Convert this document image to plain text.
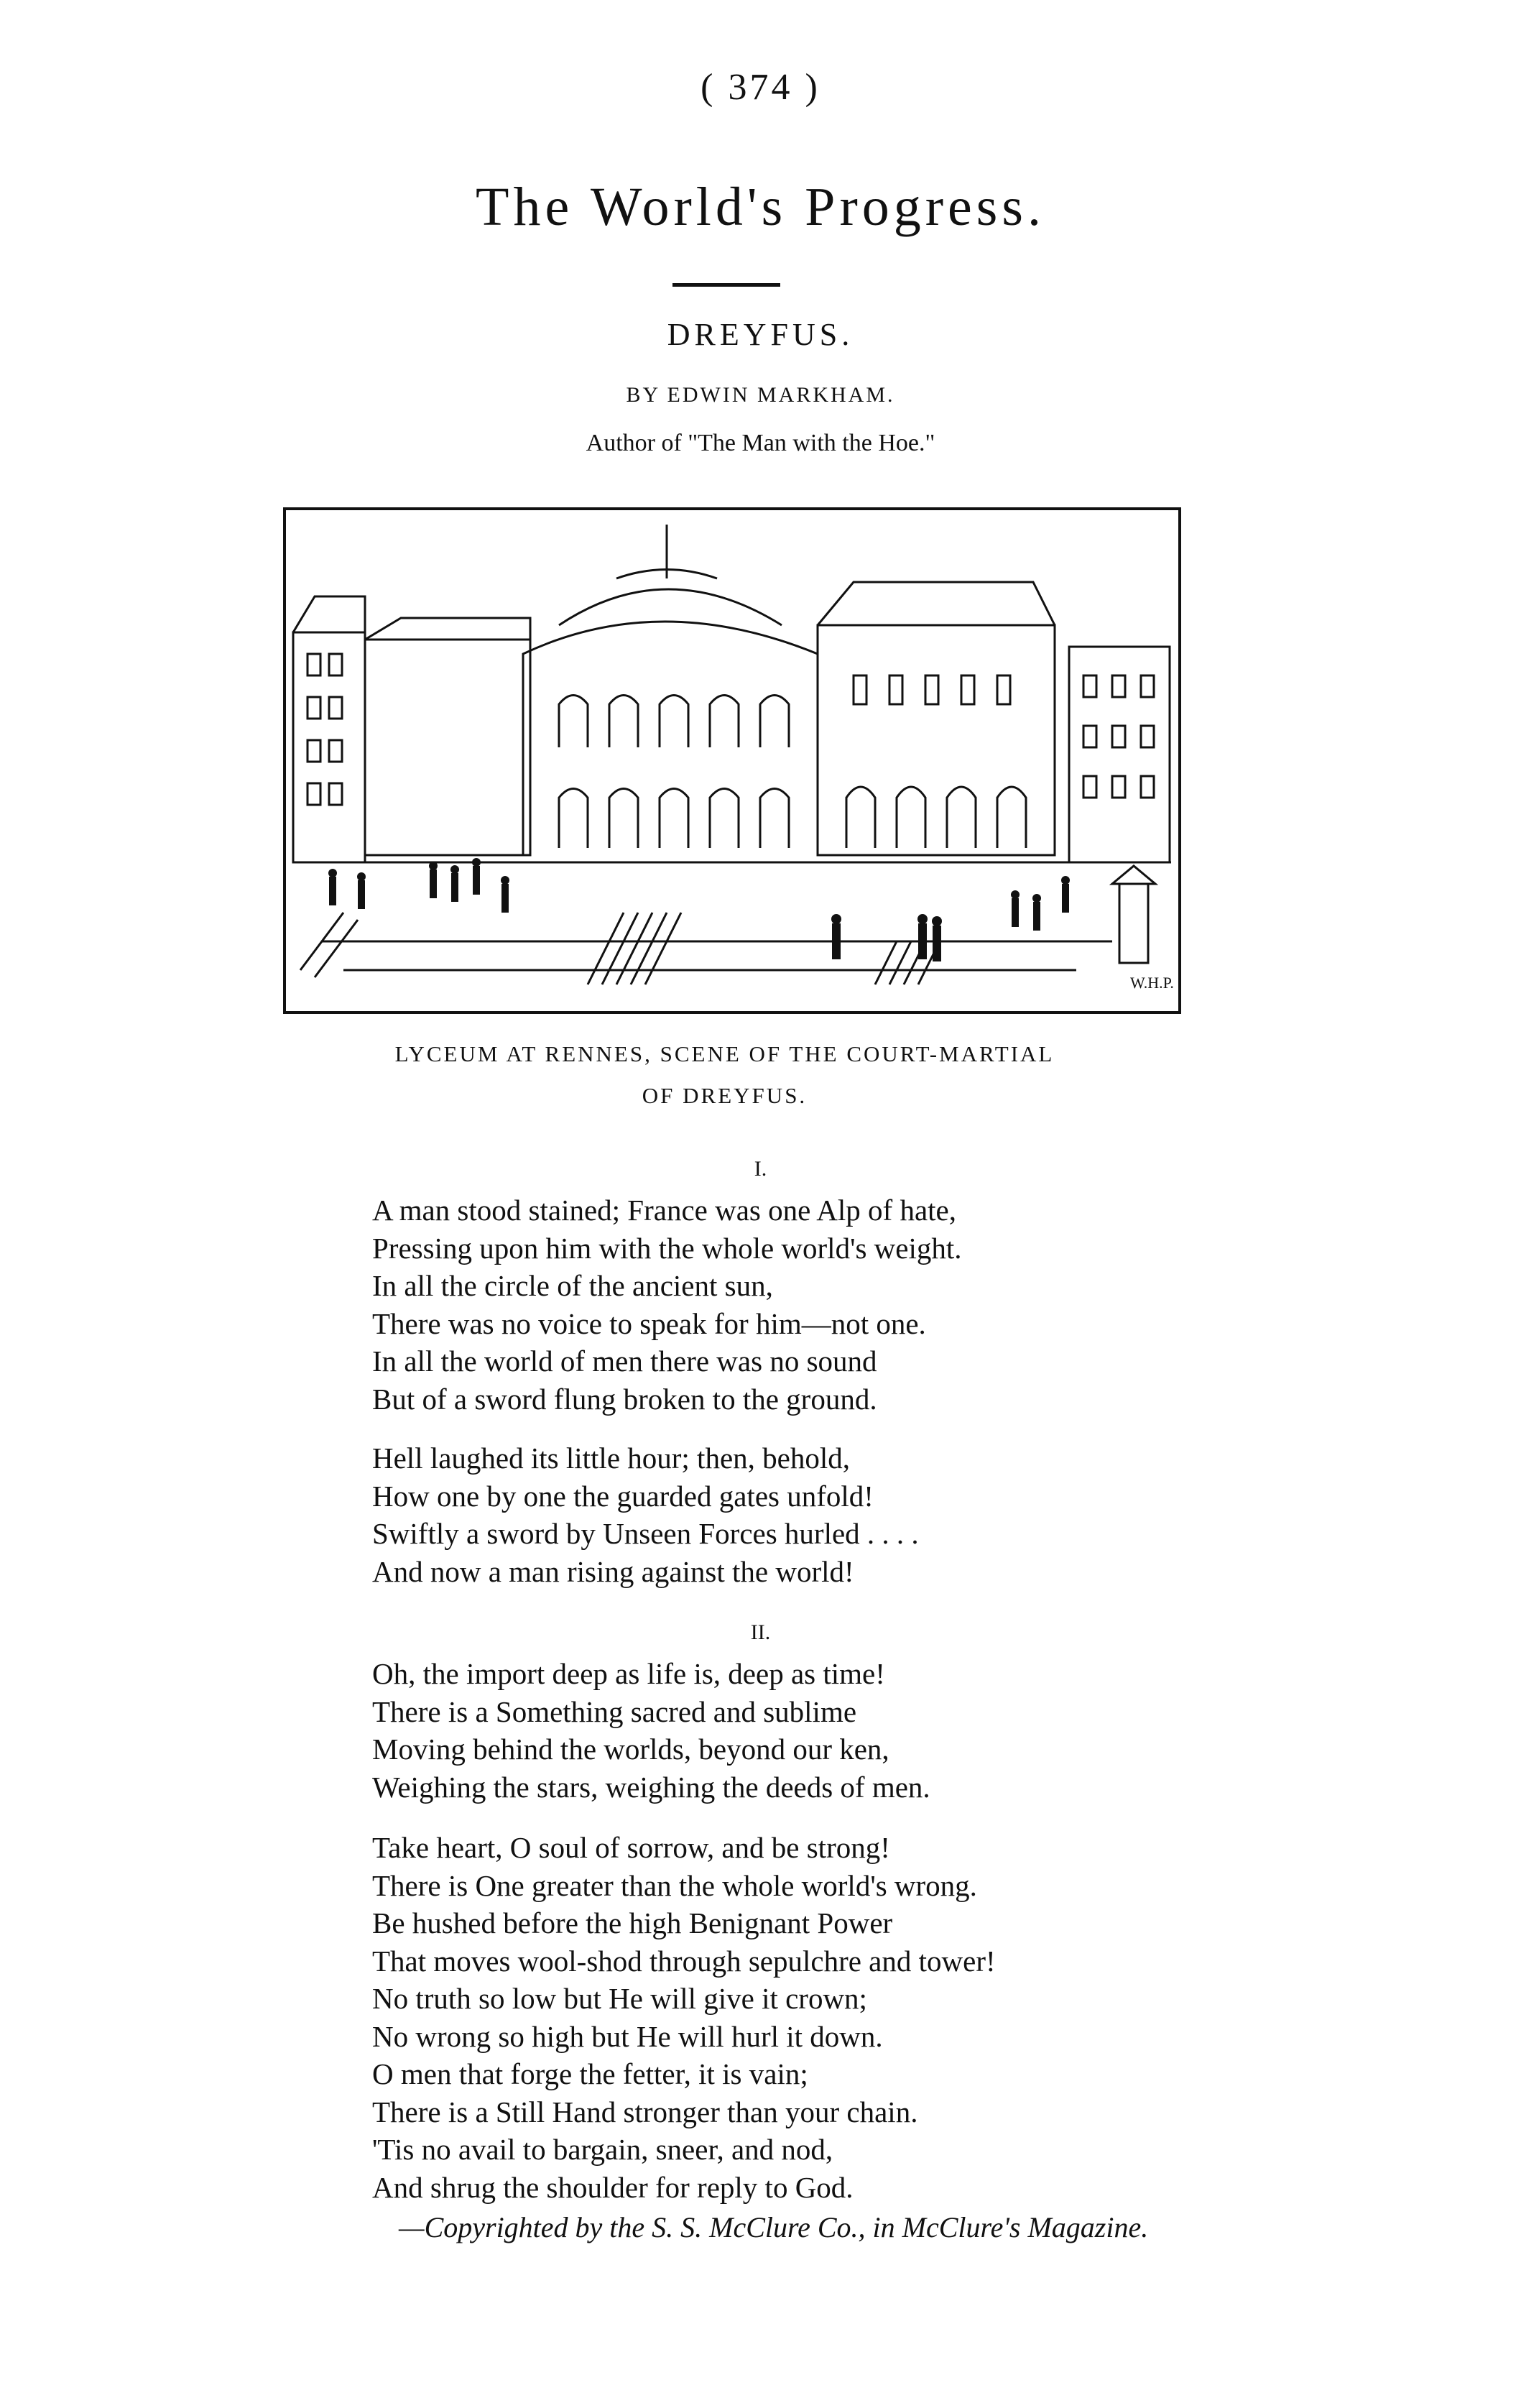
( 374 )
The World's Progress.
DREYFUS.
BY EDWIN MARKHAM.
Author of "The Man with the Hoe."
W.H.P.
LYCEUM AT RENNES, SCENE OF THE COURT-MARTIAL
OF DREYFUS.
I.
A man stood stained; France was one Alp of hate,
Pressing upon him with the whole world's weight.
In all the circle of the ancient sun,
There was no voice to speak for him—not one.
In all the world of men there was no sound
But of a sword flung broken to the ground.
Hell laughed its little hour; then, behold,
How one by one the guarded gates unfold!
Swiftly a sword by Unseen Forces hurled . . . .
And now a man rising against the world!
II.
Oh, the import deep as life is, deep as time!
There is a Something sacred and sublime
Moving behind the worlds, beyond our ken,
Weighing the stars, weighing the deeds of men.
Take heart, O soul of sorrow, and be strong!
There is One greater than the whole world's wrong.
Be hushed before the high Benignant Power
That moves wool-shod through sepulchre and tower!
No truth so low but He will give it crown;
No wrong so high but He will hurl it down.
O men that forge the fetter, it is vain;
There is a Still Hand stronger than your chain.
'Tis no avail to bargain, sneer, and nod,
And shrug the shoulder for reply to God.
—Copyrighted by the S. S. McClure Co., in McClure's Magazine.
